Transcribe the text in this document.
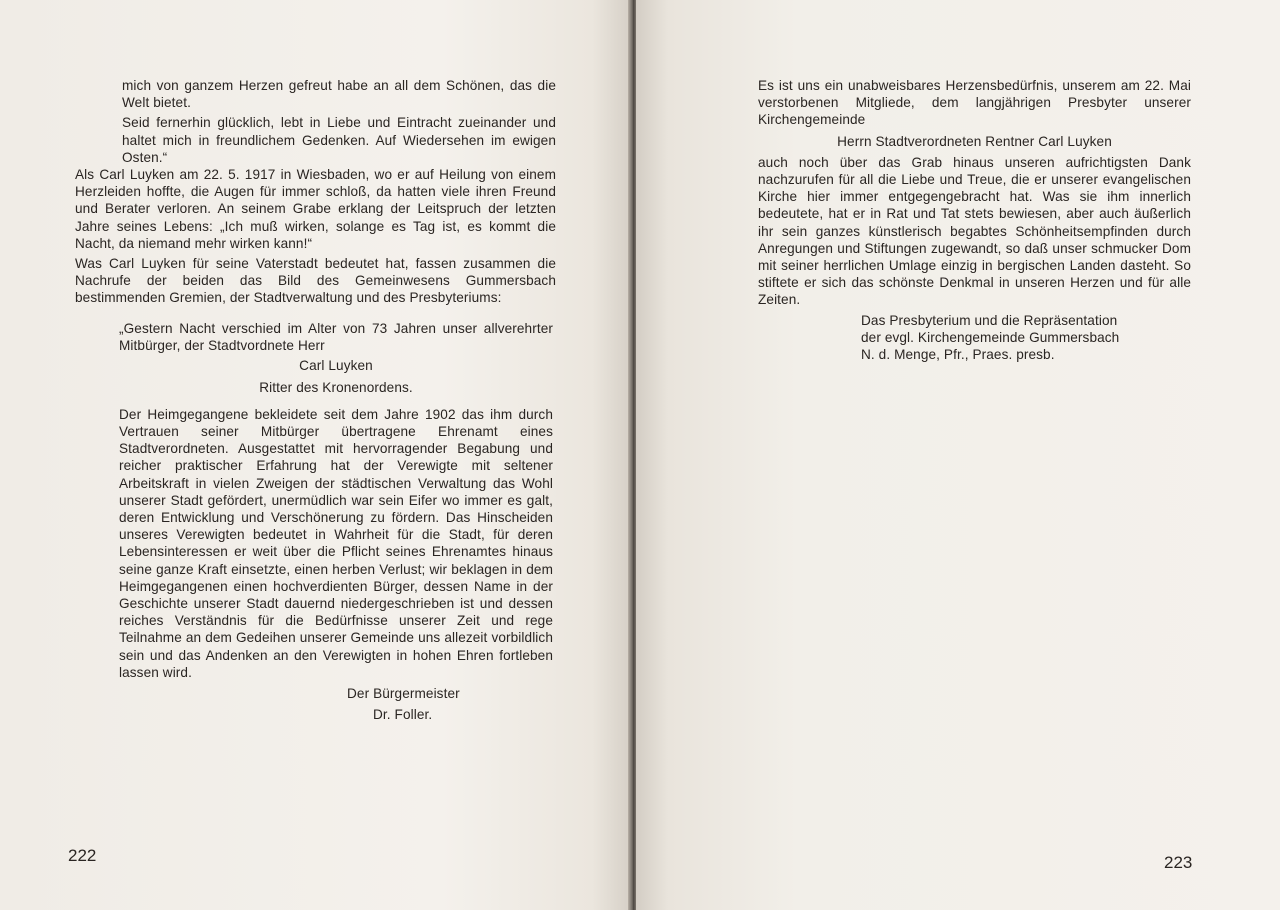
mich von ganzem Herzen gefreut habe an all dem Schönen, das die Welt bietet.

Seid fernerhin glücklich, lebt in Liebe und Eintracht zueinander und haltet mich in freundlichem Gedenken. Auf Wiedersehen im ewigen Osten.“

Als Carl Luyken am 22. 5. 1917 in Wiesbaden, wo er auf Heilung von einem Herzleiden hoffte, die Augen für immer schloß, da hatten viele ihren Freund und Berater verloren. An seinem Grabe erklang der Leitspruch der letzten Jahre seines Lebens: „Ich muß wirken, solange es Tag ist, es kommt die Nacht, da niemand mehr wirken kann!“

Was Carl Luyken für seine Vaterstadt bedeutet hat, fassen zusammen die Nachrufe der beiden das Bild des Gemeinwesens Gummersbach bestimmenden Gremien, der Stadtverwaltung und des Presbyteriums:

„Gestern Nacht verschied im Alter von 73 Jahren unser allverehrter Mitbürger, der Stadtvordnete Herr

Carl Luyken

Ritter des Kronenordens.

Der Heimgegangene bekleidete seit dem Jahre 1902 das ihm durch Vertrauen seiner Mitbürger übertragene Ehrenamt eines Stadtverordneten. Ausgestattet mit hervorragender Begabung und reicher praktischer Erfahrung hat der Verewigte mit seltener Arbeitskraft in vielen Zweigen der städtischen Verwaltung das Wohl unserer Stadt gefördert, unermüdlich war sein Eifer wo immer es galt, deren Entwicklung und Verschönerung zu fördern. Das Hinscheiden unseres Verewigten bedeutet in Wahrheit für die Stadt, für deren Lebensinteressen er weit über die Pflicht seines Ehrenamtes hinaus seine ganze Kraft einsetzte, einen herben Verlust; wir beklagen in dem Heimgegangenen einen hochverdienten Bürger, dessen Name in der Geschichte unserer Stadt dauernd niedergeschrieben ist und dessen reiches Verständnis für die Bedürfnisse unserer Zeit und rege Teilnahme an dem Gedeihen unserer Gemeinde uns allezeit vorbildlich sein und das Andenken an den Verewigten in hohen Ehren fortleben lassen wird.

Der Bürgermeister

Dr. Foller.

222

Es ist uns ein unabweisbares Herzensbedürfnis, unserem am 22. Mai verstorbenen Mitgliede, dem langjährigen Presbyter unserer Kirchengemeinde

Herrn Stadtverordneten Rentner Carl Luyken

auch noch über das Grab hinaus unseren aufrichtigsten Dank nachzurufen für all die Liebe und Treue, die er unserer evangelischen Kirche hier immer entgegengebracht hat. Was sie ihm innerlich bedeutete, hat er in Rat und Tat stets bewiesen, aber auch äußerlich ihr sein ganzes künstlerisch begabtes Schönheitsempfinden durch Anregungen und Stiftungen zugewandt, so daß unser schmucker Dom mit seiner herrlichen Umlage einzig in bergischen Landen dasteht. So stiftete er sich das schönste Denkmal in unseren Herzen und für alle Zeiten.

Das Presbyterium und die Repräsentation

der evgl. Kirchengemeinde Gummersbach

N. d. Menge, Pfr., Praes. presb.

223
